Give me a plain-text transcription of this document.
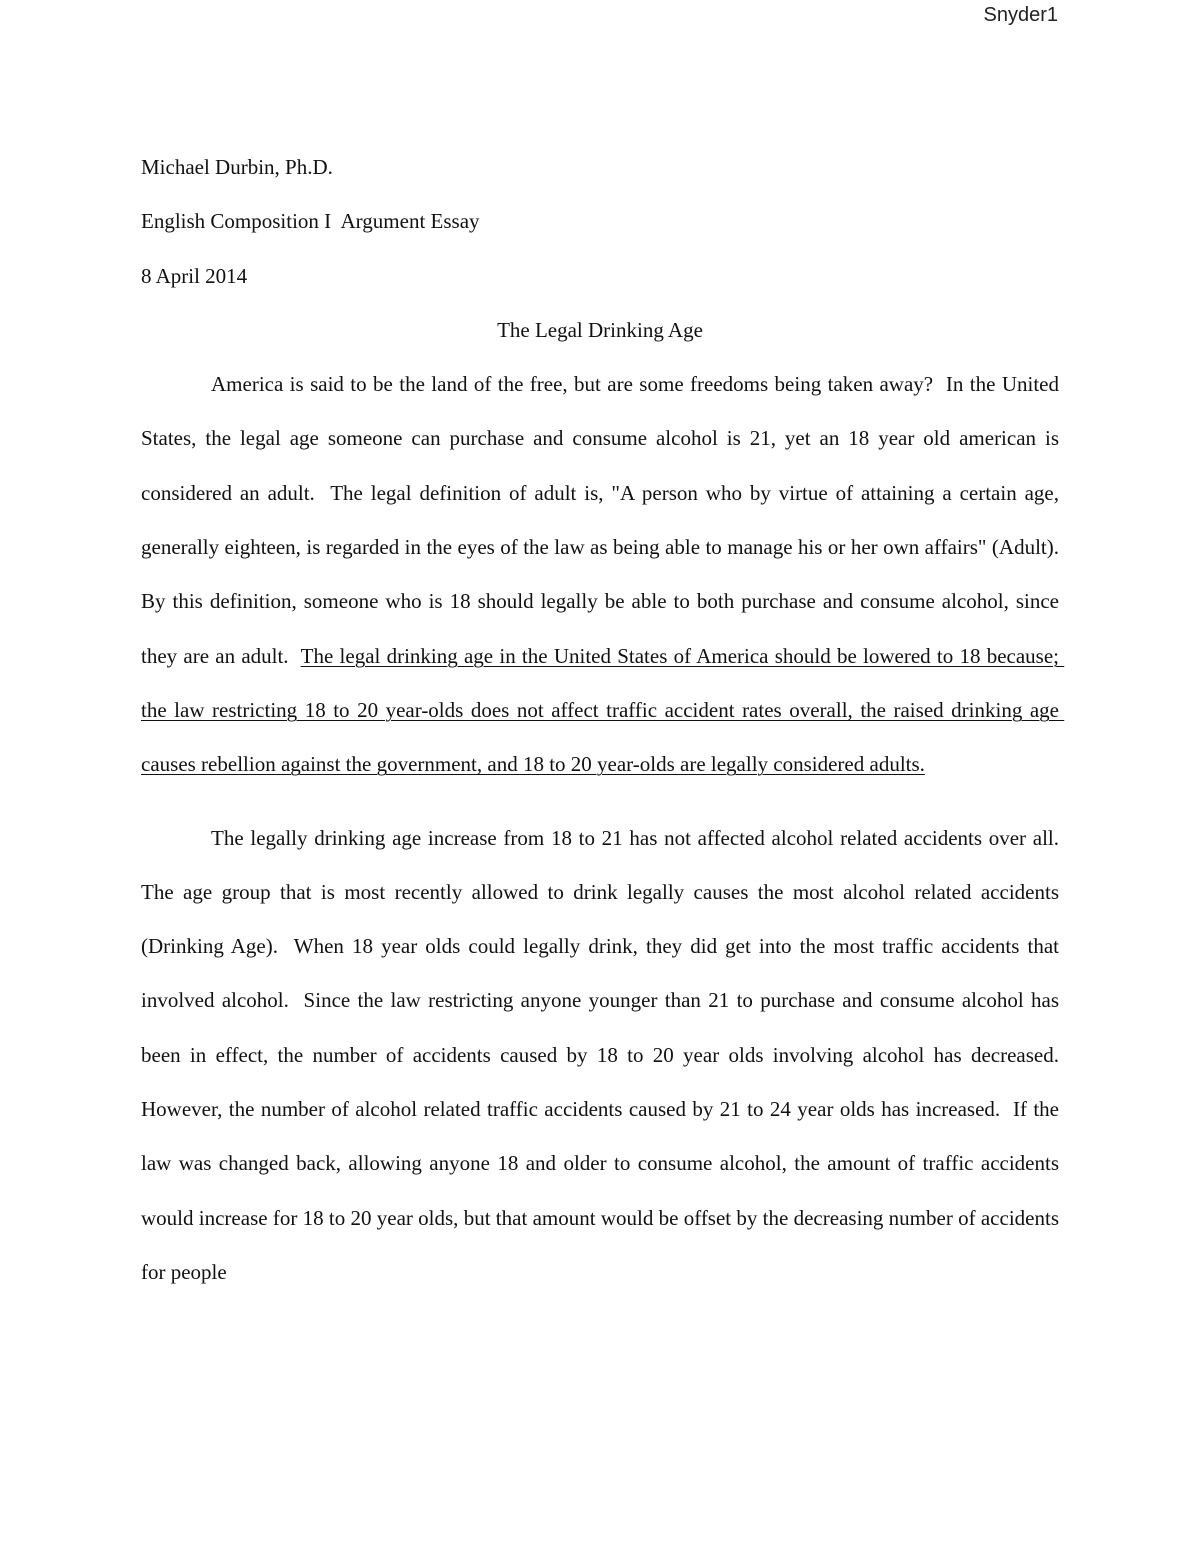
Snyder1
Michael Durbin, Ph.D.
English Composition I  Argument Essay
8 April 2014
The Legal Drinking Age

America is said to be the land of the free, but are some freedoms being taken away?  In the United States, the legal age someone can purchase and consume alcohol is 21, yet an 18 year old american is considered an adult.  The legal definition of adult is, "A person who by virtue of attaining a certain age, generally eighteen, is regarded in the eyes of the law as being able to manage his or her own affairs" (Adult).  By this definition, someone who is 18 should legally be able to both purchase and consume alcohol, since they are an adult.  The legal drinking age in the United States of America should be lowered to 18 because; the law restricting 18 to 20 year-olds does not affect traffic accident rates overall, the raised drinking age causes rebellion against the government, and 18 to 20 year-olds are legally considered adults.

The legally drinking age increase from 18 to 21 has not affected alcohol related accidents over all.  The age group that is most recently allowed to drink legally causes the most alcohol related accidents (Drinking Age).  When 18 year olds could legally drink, they did get into the most traffic accidents that involved alcohol.  Since the law restricting anyone younger than 21 to purchase and consume alcohol has been in effect, the number of accidents caused by 18 to 20 year olds involving alcohol has decreased.  However, the number of alcohol related traffic accidents caused by 21 to 24 year olds has increased.  If the law was changed back, allowing anyone 18 and older to consume alcohol, the amount of traffic accidents would increase for 18 to 20 year olds, but that amount would be offset by the decreasing number of accidents for people
